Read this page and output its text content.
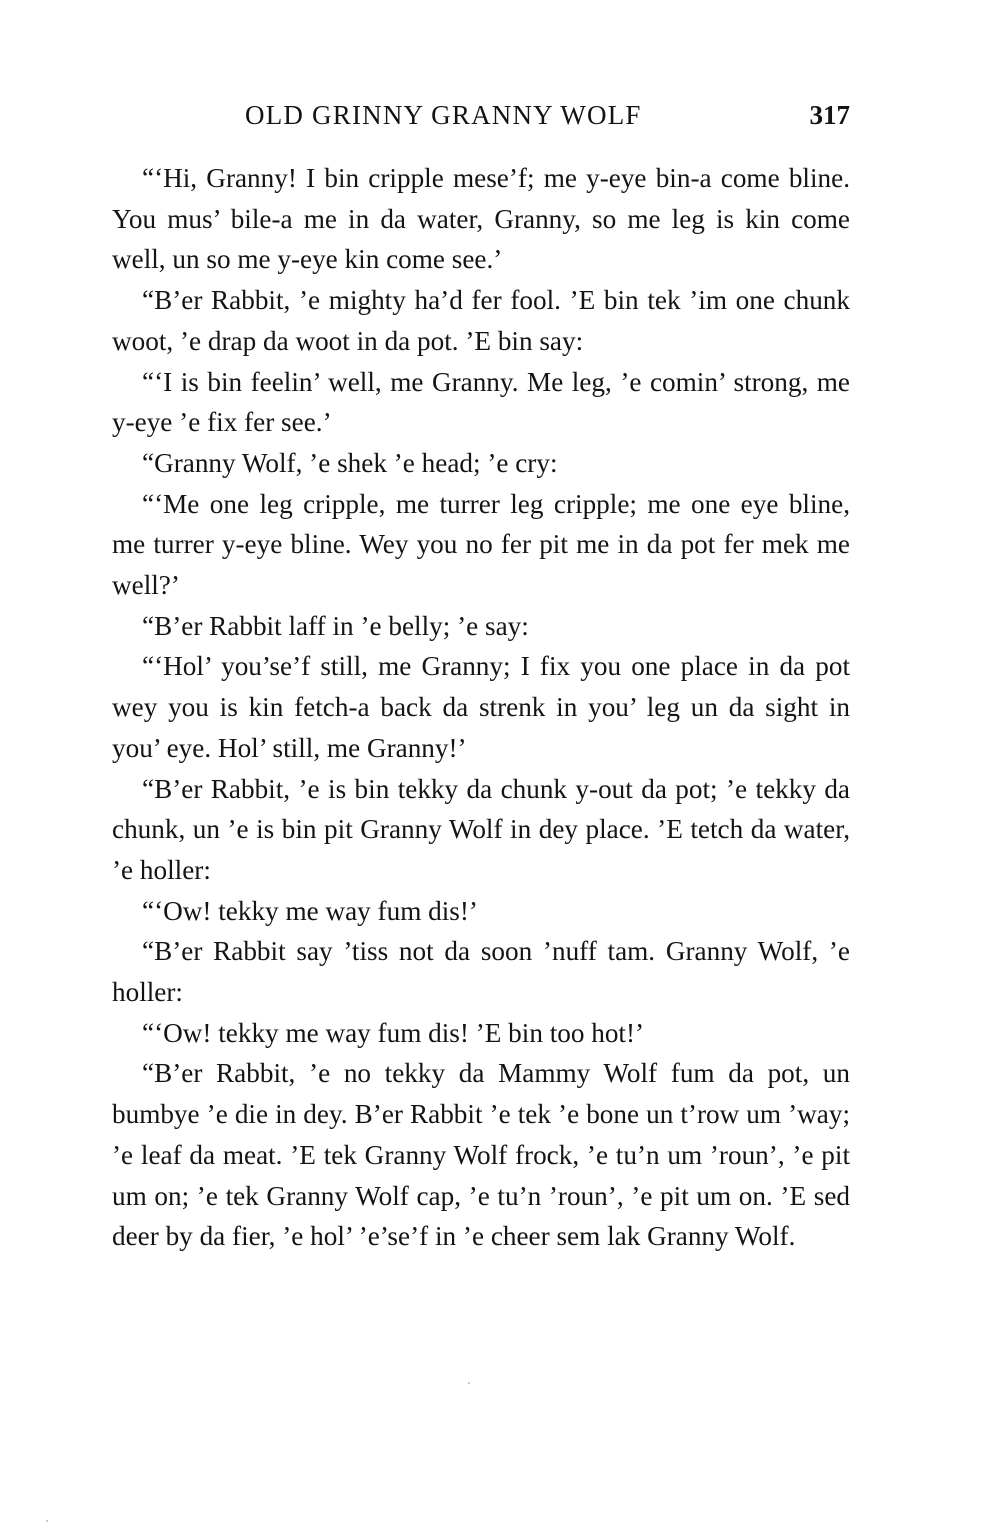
OLD GRINNY GRANNY WOLF	317

“‘Hi, Granny! I bin cripple mese’f; me y-eye bin-a come bline. You mus’ bile-a me in da water, Granny, so me leg is kin come well, un so me y-eye kin come see.’

“B’er Rabbit, ’e mighty ha’d fer fool. ’E bin tek ’im one chunk woot, ’e drap da woot in da pot. ’E bin say:

“‘I is bin feelin’ well, me Granny. Me leg, ’e comin’ strong, me y-eye ’e fix fer see.’

“Granny Wolf, ’e shek ’e head; ’e cry:

“‘Me one leg cripple, me turrer leg cripple; me one eye bline, me turrer y-eye bline. Wey you no fer pit me in da pot fer mek me well?’

“B’er Rabbit laff in ’e belly; ’e say:

“‘Hol’ you’se’f still, me Granny; I fix you one place in da pot wey you is kin fetch-a back da strenk in you’ leg un da sight in you’ eye. Hol’ still, me Granny!’

“B’er Rabbit, ’e is bin tekky da chunk y-out da pot; ’e tekky da chunk, un ’e is bin pit Granny Wolf in dey place. ’E tetch da water, ’e holler:

“‘Ow! tekky me way fum dis!’

“B’er Rabbit say ’tiss not da soon ’nuff tam. Granny Wolf, ’e holler:

“‘Ow! tekky me way fum dis! ’E bin too hot!’

“B’er Rabbit, ’e no tekky da Mammy Wolf fum da pot, un bumbye ’e die in dey. B’er Rabbit ’e tek ’e bone un t’row um ’way; ’e leaf da meat. ’E tek Granny Wolf frock, ’e tu’n um ’roun’, ’e pit um on; ’e tek Granny Wolf cap, ’e tu’n ’roun’, ’e pit um on. ’E sed deer by da fier, ’e hol’ ’e’se’f in ’e cheer sem lak Granny Wolf.
